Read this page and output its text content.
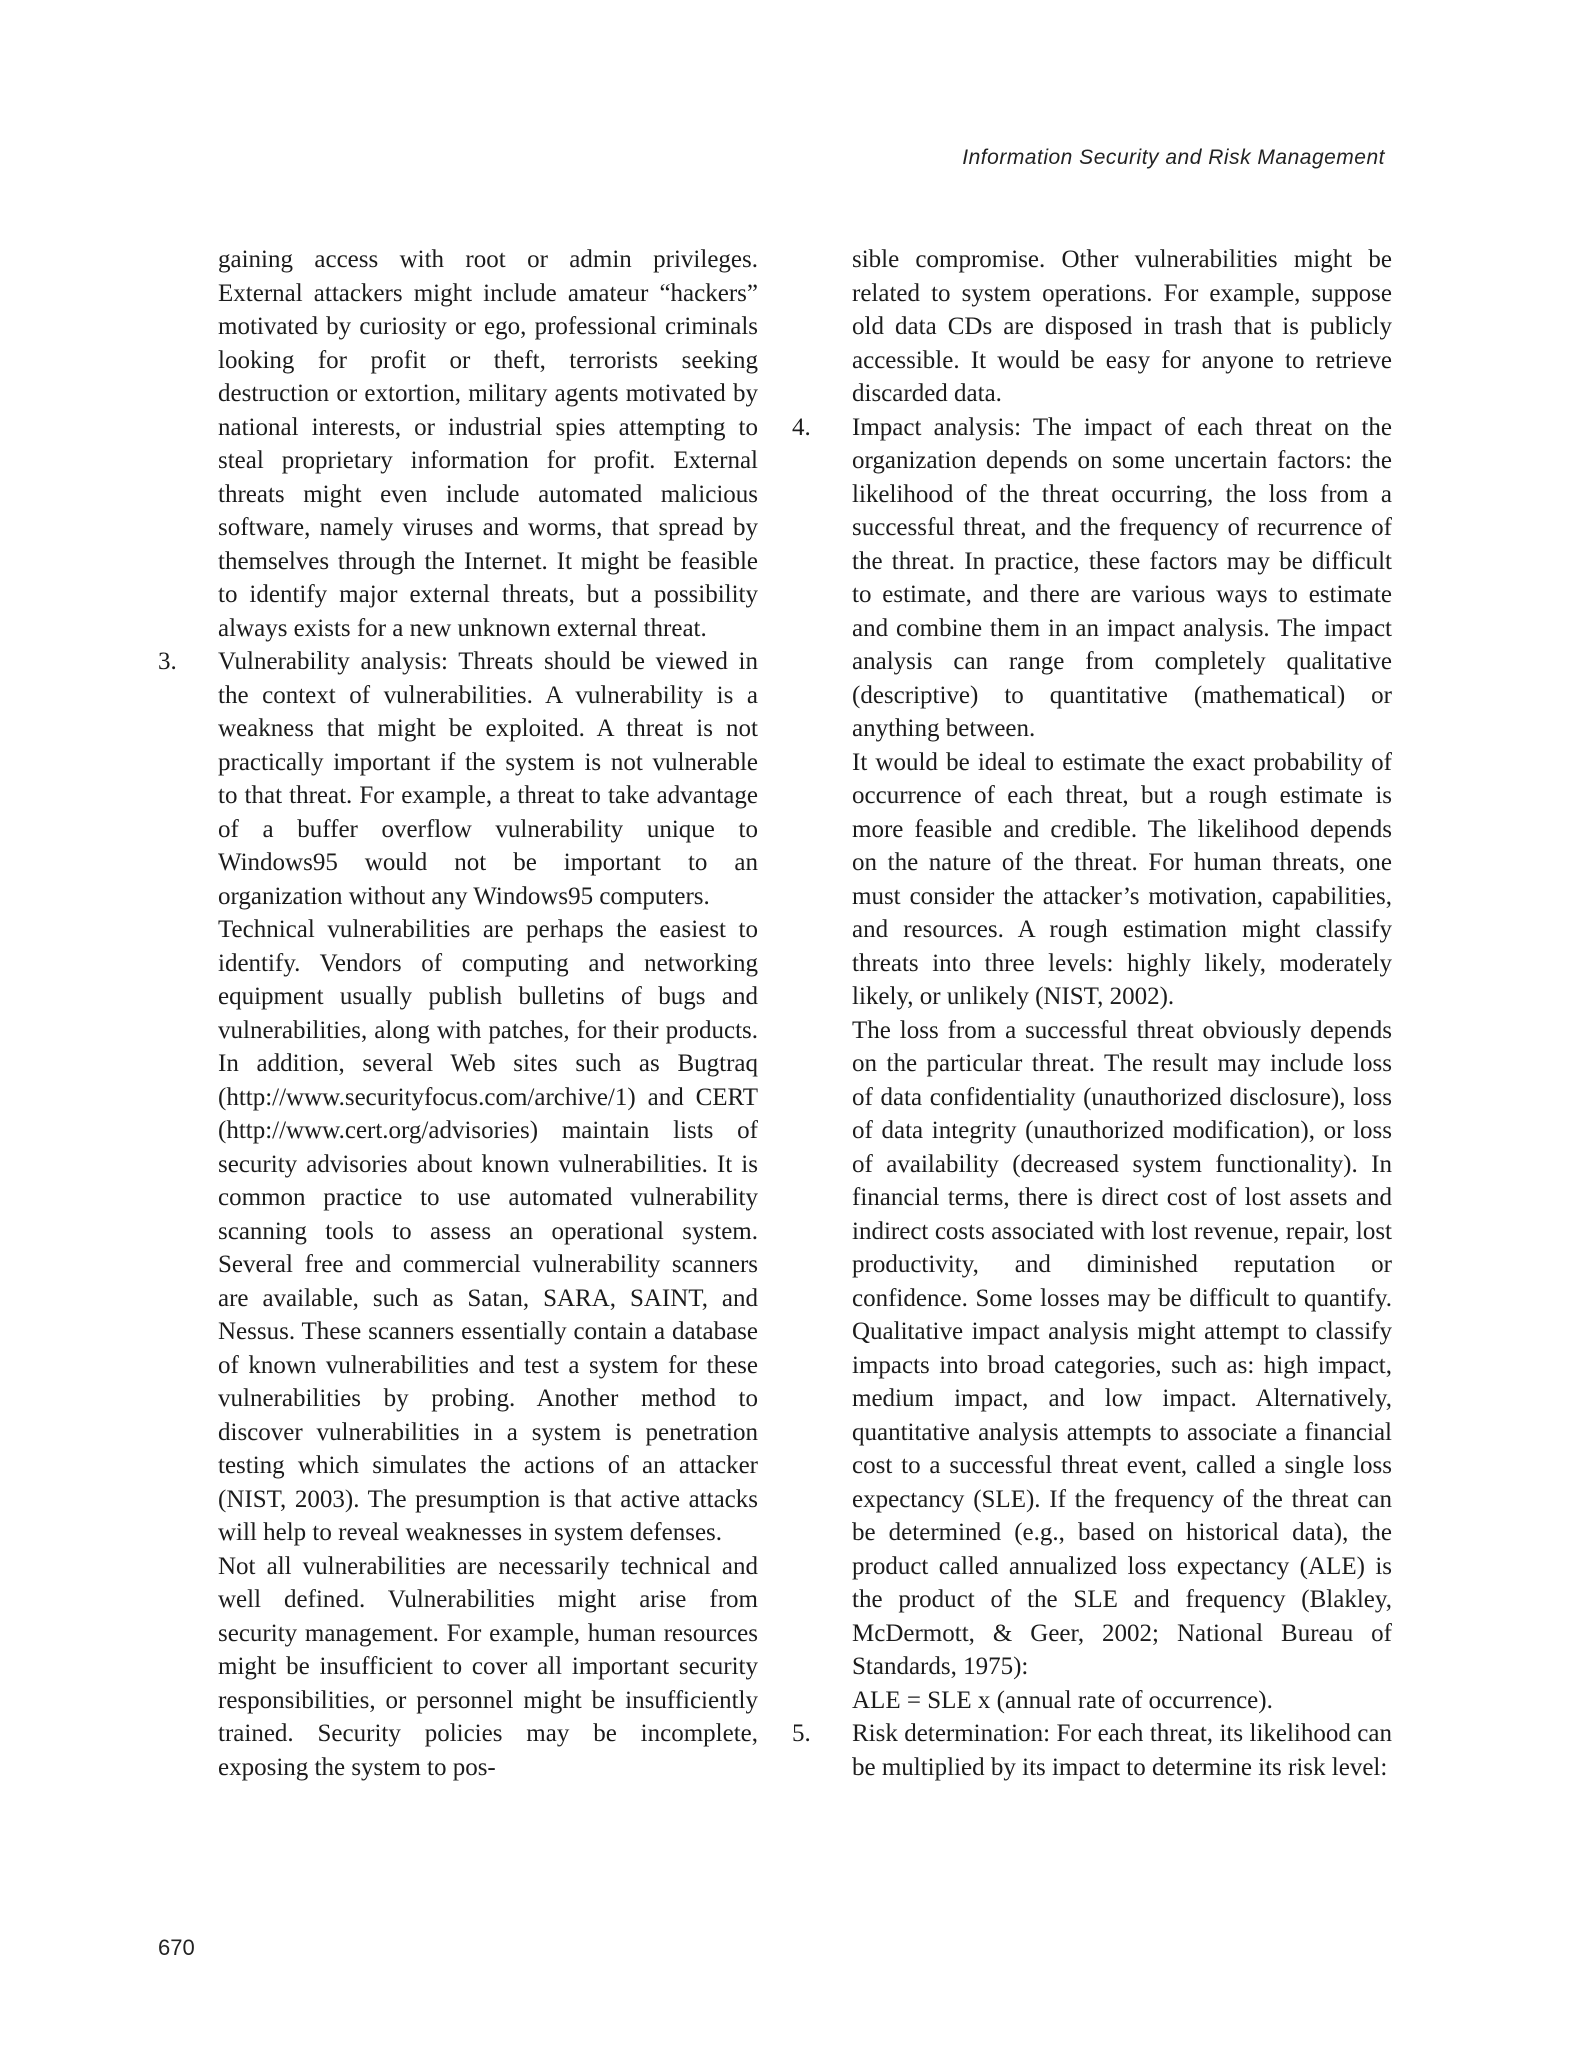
Information Security and Risk Management

gaining access with root or admin privileges. External attackers might include amateur “hackers” motivated by curiosity or ego, professional criminals looking for profit or theft, terrorists seeking destruction or extortion, military agents motivated by national interests, or industrial spies attempting to steal proprietary information for profit. External threats might even include automated malicious software, namely viruses and worms, that spread by themselves through the Internet. It might be feasible to identify major external threats, but a possibility always exists for a new unknown external threat.

3. Vulnerability analysis: Threats should be viewed in the context of vulnerabilities. A vulnerability is a weakness that might be exploited. A threat is not practically important if the system is not vulnerable to that threat. For example, a threat to take advantage of a buffer overflow vulnerability unique to Windows95 would not be important to an organization without any Windows95 computers.

Technical vulnerabilities are perhaps the easiest to identify. Vendors of computing and networking equipment usually publish bulletins of bugs and vulnerabilities, along with patches, for their products. In addition, several Web sites such as Bugtraq (http://www.securityfocus.com/archive/1) and CERT (http://www.cert.org/advisories) maintain lists of security advisories about known vulnerabilities. It is common practice to use automated vulnerability scanning tools to assess an operational system. Several free and commercial vulnerability scanners are available, such as Satan, SARA, SAINT, and Nessus. These scanners essentially contain a database of known vulnerabilities and test a system for these vulnerabilities by probing. Another method to discover vulnerabilities in a system is penetration testing which simulates the actions of an attacker (NIST, 2003). The presumption is that active attacks will help to reveal weaknesses in system defenses.

Not all vulnerabilities are necessarily technical and well defined. Vulnerabilities might arise from security management. For example, human resources might be insufficient to cover all important security responsibilities, or personnel might be insufficiently trained. Security policies may be incomplete, exposing the system to pos-

sible compromise. Other vulnerabilities might be related to system operations. For example, suppose old data CDs are disposed in trash that is publicly accessible. It would be easy for anyone to retrieve discarded data.

4. Impact analysis: The impact of each threat on the organization depends on some uncertain factors: the likelihood of the threat occurring, the loss from a successful threat, and the frequency of recurrence of the threat. In practice, these factors may be difficult to estimate, and there are various ways to estimate and combine them in an impact analysis. The impact analysis can range from completely qualitative (descriptive) to quantitative (mathematical) or anything between.

It would be ideal to estimate the exact probability of occurrence of each threat, but a rough estimate is more feasible and credible. The likelihood depends on the nature of the threat. For human threats, one must consider the attacker’s motivation, capabilities, and resources. A rough estimation might classify threats into three levels: highly likely, moderately likely, or unlikely (NIST, 2002).

The loss from a successful threat obviously depends on the particular threat. The result may include loss of data confidentiality (unauthorized disclosure), loss of data integrity (unauthorized modification), or loss of availability (decreased system functionality). In financial terms, there is direct cost of lost assets and indirect costs associated with lost revenue, repair, lost productivity, and diminished reputation or confidence. Some losses may be difficult to quantify. Qualitative impact analysis might attempt to classify impacts into broad categories, such as: high impact, medium impact, and low impact. Alternatively, quantitative analysis attempts to associate a financial cost to a successful threat event, called a single loss expectancy (SLE). If the frequency of the threat can be determined (e.g., based on historical data), the product called annualized loss expectancy (ALE) is the product of the SLE and frequency (Blakley, McDermott, & Geer, 2002; National Bureau of Standards, 1975):

ALE = SLE x (annual rate of occurrence).

5. Risk determination: For each threat, its likelihood can be multiplied by its impact to determine its risk level:

670
